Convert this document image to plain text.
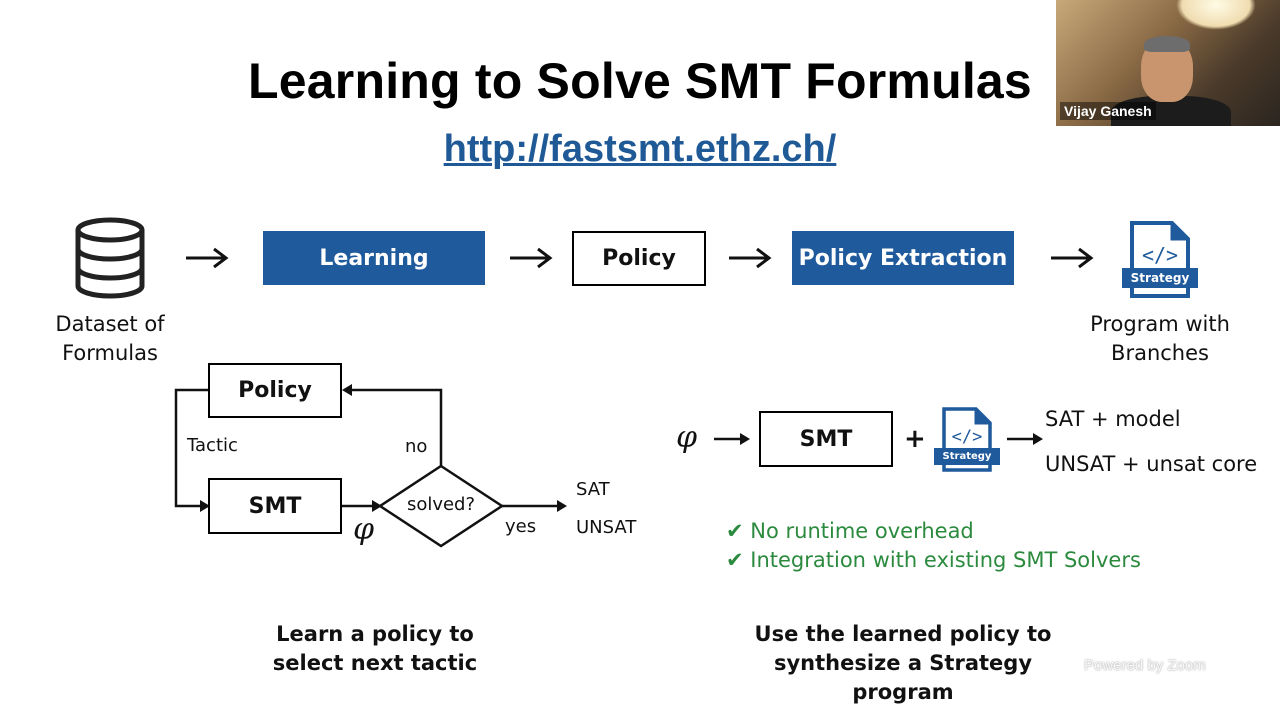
Learning to Solve SMT Formulas
http://fastsmt.ethz.ch/
Dataset of
Formulas
Learning	Policy	Policy Extraction	</>
Strategy
Program with
Branches
Policy
SMT	solved?
Tactic	no
yes
SAT
UNSAT
φ
φ	SMT	+ </>
Strategy
SAT + model
UNSAT + unsat core
✔ No runtime overhead
✔ Integration with existing SMT Solvers
Learn a policy to
select next tactic
Use the learned policy to
synthesize a Strategy program
Vijay Ganesh
Powered by Zoom
